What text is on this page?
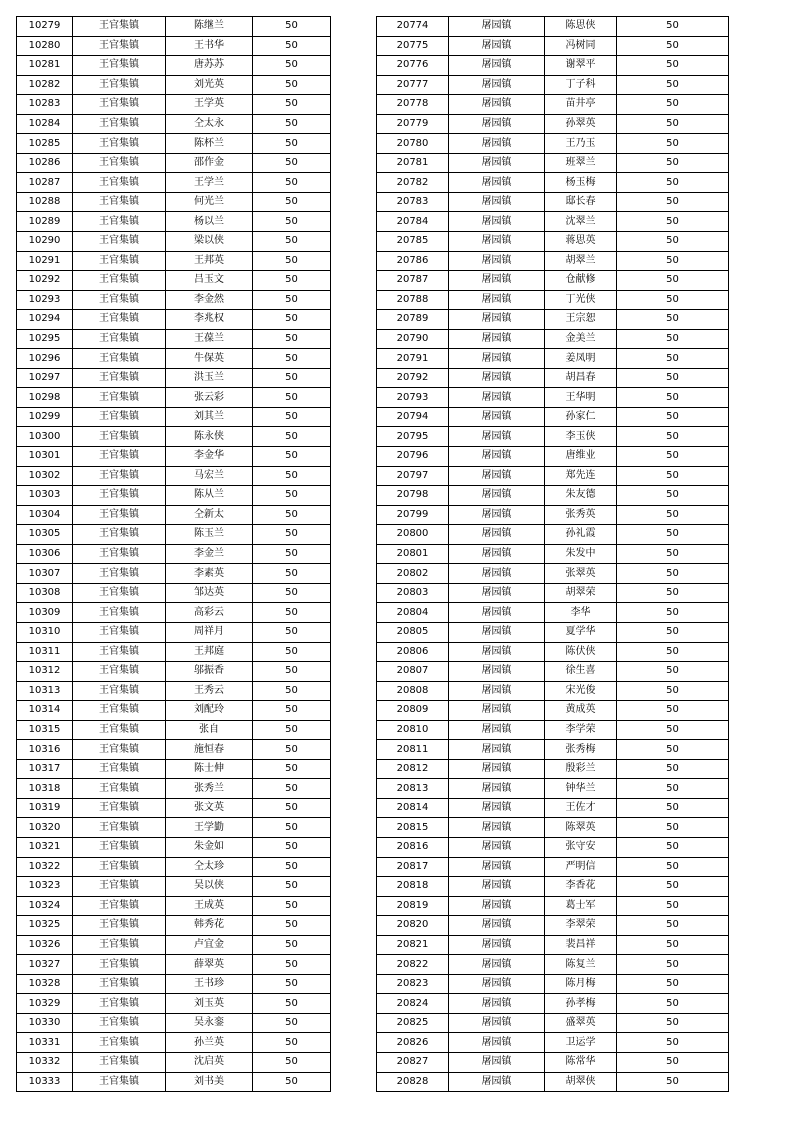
10279	王官集镇	陈继兰	50
10280	王官集镇	王书华	50
10281	王官集镇	唐苏苏	50
10282	王官集镇	刘光英	50
10283	王官集镇	王学英	50
10284	王官集镇	仝太永	50
10285	王官集镇	陈杯兰	50
10286	王官集镇	邵作金	50
10287	王官集镇	王学兰	50
10288	王官集镇	何光兰	50
10289	王官集镇	杨以兰	50
10290	王官集镇	梁以侠	50
10291	王官集镇	王邦英	50
10292	王官集镇	吕玉文	50
10293	王官集镇	李金然	50
10294	王官集镇	李兆权	50
10295	王官集镇	王葆兰	50
10296	王官集镇	牛保英	50
10297	王官集镇	洪玉兰	50
10298	王官集镇	张云彩	50
10299	王官集镇	刘其兰	50
10300	王官集镇	陈永侠	50
10301	王官集镇	李金华	50
10302	王官集镇	马宏兰	50
10303	王官集镇	陈从兰	50
10304	王官集镇	仝新太	50
10305	王官集镇	陈玉兰	50
10306	王官集镇	李金兰	50
10307	王官集镇	李素英	50
10308	王官集镇	邹达英	50
10309	王官集镇	高彩云	50
10310	王官集镇	周祥月	50
10311	王官集镇	王邦庭	50
10312	王官集镇	邬振香	50
10313	王官集镇	王秀云	50
10314	王官集镇	刘配玲	50
10315	王官集镇	张自	50
10316	王官集镇	施恒春	50
10317	王官集镇	陈士伸	50
10318	王官集镇	张秀兰	50
10319	王官集镇	张文英	50
10320	王官集镇	王学勤	50
10321	王官集镇	朱金如	50
10322	王官集镇	仝太珍	50
10323	王官集镇	吴以侠	50
10324	王官集镇	王成英	50
10325	王官集镇	韩秀花	50
10326	王官集镇	卢宜金	50
10327	王官集镇	薛翠英	50
10328	王官集镇	王书珍	50
10329	王官集镇	刘玉英	50
10330	王官集镇	吴永銮	50
10331	王官集镇	孙兰英	50
10332	王官集镇	沈启英	50
10333	王官集镇	刘书美	50
20774	屠园镇	陈思侠	50
20775	屠园镇	冯树同	50
20776	屠园镇	谢翠平	50
20777	屠园镇	丁子科	50
20778	屠园镇	苗井亭	50
20779	屠园镇	孙翠英	50
20780	屠园镇	王乃玉	50
20781	屠园镇	班翠兰	50
20782	屠园镇	杨玉梅	50
20783	屠园镇	邸长春	50
20784	屠园镇	沈翠兰	50
20785	屠园镇	蒋思英	50
20786	屠园镇	胡翠兰	50
20787	屠园镇	仓献修	50
20788	屠园镇	丁光侠	50
20789	屠园镇	王宗恕	50
20790	屠园镇	金美兰	50
20791	屠园镇	姜凤明	50
20792	屠园镇	胡昌春	50
20793	屠园镇	王华明	50
20794	屠园镇	孙家仁	50
20795	屠园镇	李玉侠	50
20796	屠园镇	唐维业	50
20797	屠园镇	郑先连	50
20798	屠园镇	朱友德	50
20799	屠园镇	张秀英	50
20800	屠园镇	孙礼霞	50
20801	屠园镇	朱发中	50
20802	屠园镇	张翠英	50
20803	屠园镇	胡翠荣	50
20804	屠园镇	李华	50
20805	屠园镇	夏学华	50
20806	屠园镇	陈伏侠	50
20807	屠园镇	徐生喜	50
20808	屠园镇	宋光俊	50
20809	屠园镇	黄成英	50
20810	屠园镇	李学荣	50
20811	屠园镇	张秀梅	50
20812	屠园镇	殷彩兰	50
20813	屠园镇	钟华兰	50
20814	屠园镇	王佐才	50
20815	屠园镇	陈翠英	50
20816	屠园镇	张守安	50
20817	屠园镇	严明信	50
20818	屠园镇	李香花	50
20819	屠园镇	葛士军	50
20820	屠园镇	李翠荣	50
20821	屠园镇	裴昌祥	50
20822	屠园镇	陈复兰	50
20823	屠园镇	陈月梅	50
20824	屠园镇	孙孝梅	50
20825	屠园镇	盛翠英	50
20826	屠园镇	卫运学	50
20827	屠园镇	陈常华	50
20828	屠园镇	胡翠侠	50
